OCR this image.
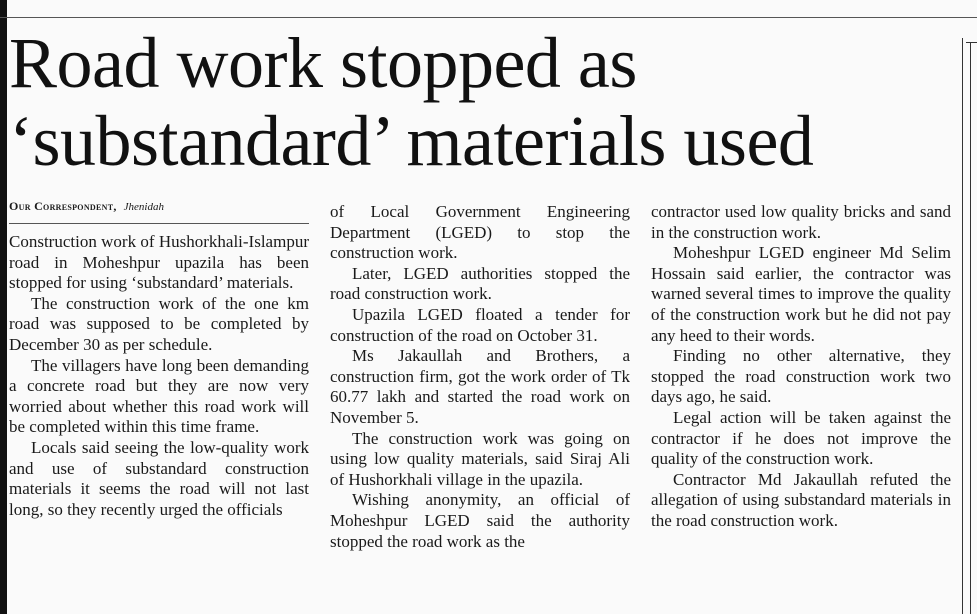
Road work stopped as
‘substandard’ materials used
Our Correspondent, Jhenidah

Construction work of Hushorkhali-Islampur road in Moheshpur upazila has been stopped for using ‘substandard’ materials.

The construction work of the one km road was supposed to be completed by December 30 as per schedule.

The villagers have long been demanding a concrete road but they are now very worried about whether this road work will be completed within this time frame.

Locals said seeing the low-quality work and use of substandard construction materials it seems the road will not last long, so they recently urged the officials

of Local Government Engineering Department (LGED) to stop the construction work.

Later, LGED authorities stopped the road construction work.

Upazila LGED floated a tender for construction of the road on October 31.

Ms Jakaullah and Brothers, a construction firm, got the work order of Tk 60.77 lakh and started the road work on November 5.

The construction work was going on using low quality materials, said Siraj Ali of Hushorkhali village in the upazila.

Wishing anonymity, an official of Moheshpur LGED said the authority stopped the road work as the

contractor used low quality bricks and sand in the construction work.

Moheshpur LGED engineer Md Selim Hossain said earlier, the contractor was warned several times to improve the quality of the construction work but he did not pay any heed to their words.

Finding no other alternative, they stopped the road construction work two days ago, he said.

Legal action will be taken against the contractor if he does not improve the quality of the construction work.

Contractor Md Jakaullah refuted the allegation of using substandard materials in the road construction work.
